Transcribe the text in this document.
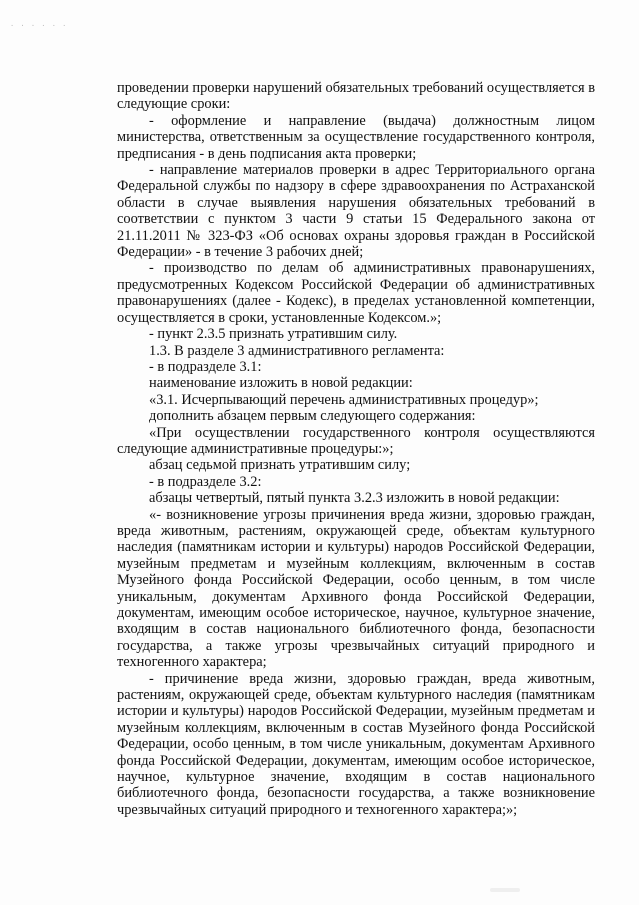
· · · · · ·

проведении проверки нарушений обязательных требований осуществляется в следующие сроки:

- оформление и направление (выдача) должностным лицом министерства, ответственным за осуществление государственного контроля, предписания - в день подписания акта проверки;

- направление материалов проверки в адрес Территориального органа Федеральной службы по надзору в сфере здравоохранения по Астраханской области в случае выявления нарушения обязательных требований в соответствии с пунктом 3 части 9 статьи 15 Федерального закона от 21.11.2011 № 323-ФЗ «Об основах охраны здоровья граждан в Российской Федерации» - в течение 3 рабочих дней;

- производство по делам об административных правонарушениях, предусмотренных Кодексом Российской Федерации об административных правонарушениях (далее - Кодекс), в пределах установленной компетенции, осуществляется в сроки, установленные Кодексом.»;

- пункт 2.3.5 признать утратившим силу.

1.3. В разделе 3 административного регламента:

- в подразделе 3.1:

наименование изложить в новой редакции:

«3.1. Исчерпывающий перечень административных процедур»;

дополнить абзацем первым следующего содержания:

«При осуществлении государственного контроля осуществляются следующие административные процедуры:»;

абзац седьмой признать утратившим силу;

- в подразделе 3.2:

абзацы четвертый, пятый пункта 3.2.3 изложить в новой редакции:

«- возникновение угрозы причинения вреда жизни, здоровью граждан, вреда животным, растениям, окружающей среде, объектам культурного наследия (памятникам истории и культуры) народов Российской Федерации, музейным предметам и музейным коллекциям, включенным в состав Музейного фонда Российской Федерации, особо ценным, в том числе уникальным, документам Архивного фонда Российской Федерации, документам, имеющим особое историческое, научное, культурное значение, входящим в состав национального библиотечного фонда, безопасности государства, а также угрозы чрезвычайных ситуаций природного и техногенного характера;

- причинение вреда жизни, здоровью граждан, вреда животным, растениям, окружающей среде, объектам культурного наследия (памятникам истории и культуры) народов Российской Федерации, музейным предметам и музейным коллекциям, включенным в состав Музейного фонда Российской Федерации, особо ценным, в том числе уникальным, документам Архивного фонда Российской Федерации, документам, имеющим особое историческое, научное, культурное значение, входящим в состав национального библиотечного фонда, безопасности государства, а также возникновение чрезвычайных ситуаций природного и техногенного характера;»;
